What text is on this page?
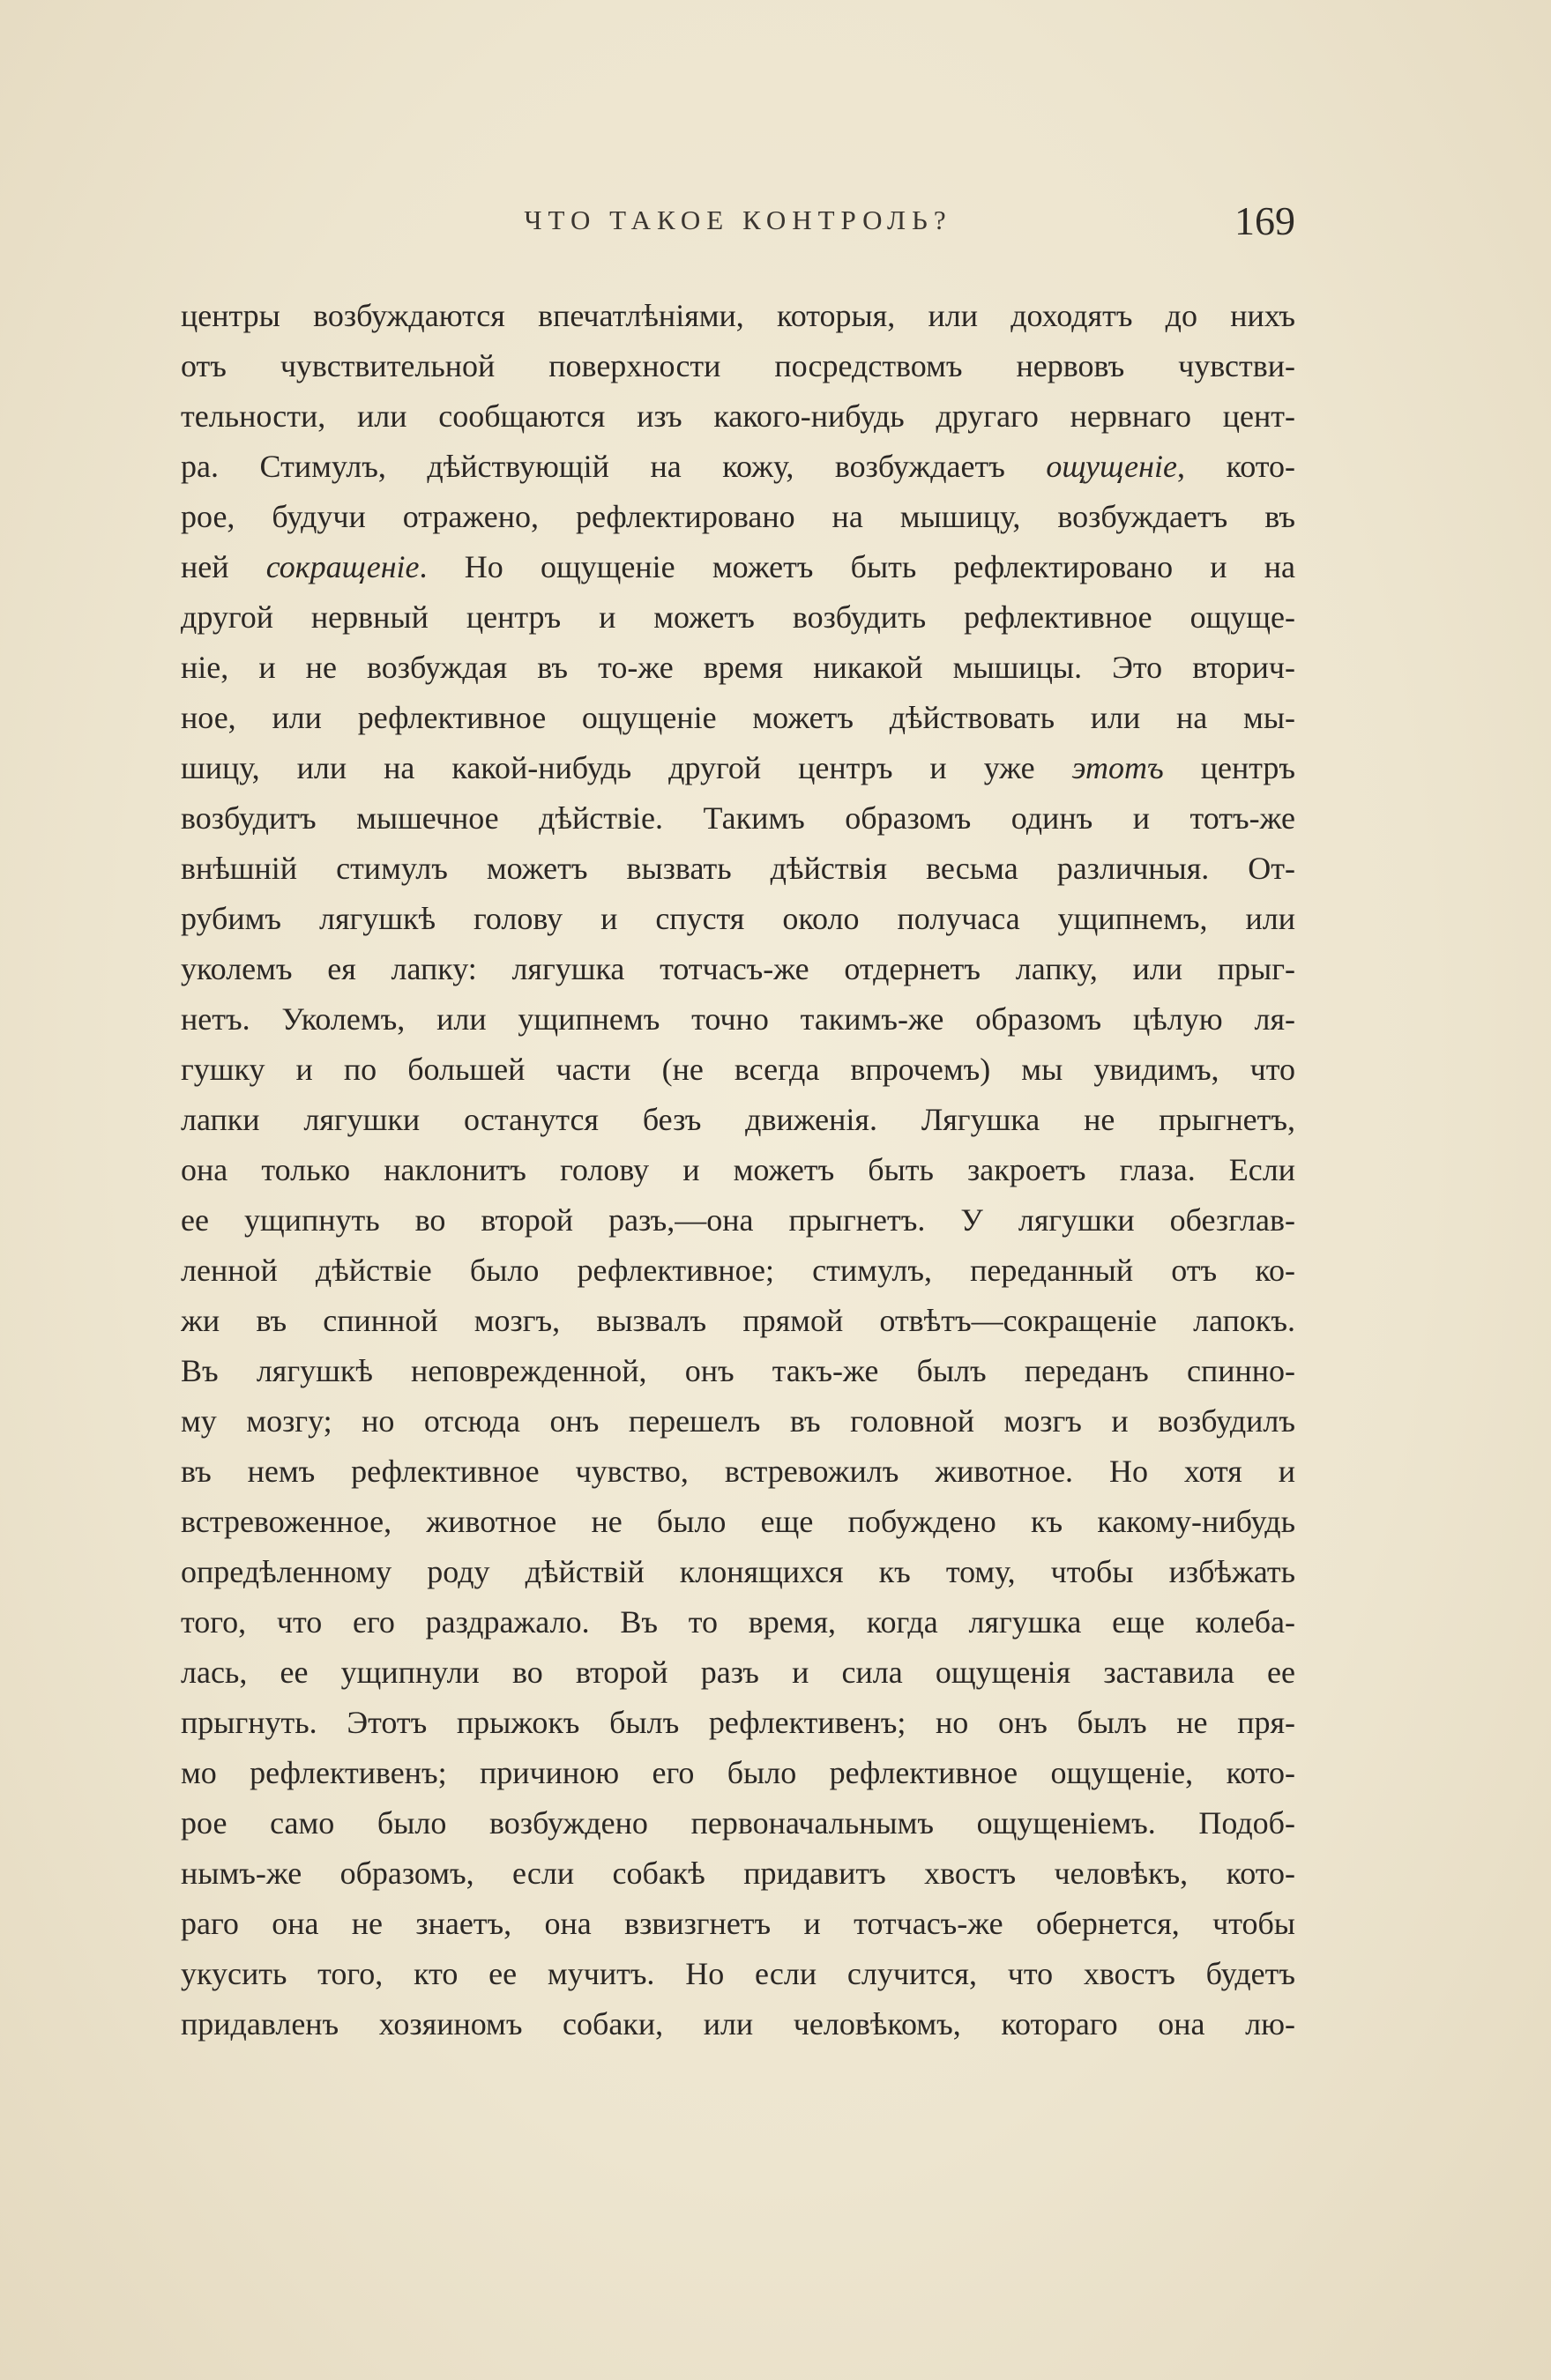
ЧТО ТАКОЕ КОНТРОЛЬ?	169
центры возбуждаются впечатлѣніями, которыя, или доходятъ до нихъ
отъ чувствительной поверхности посредствомъ нервовъ чувстви-
тельности, или сообщаются изъ какого-нибудь другаго нервнаго цент-
ра. Стимулъ, дѣйствующій на кожу, возбуждаетъ ощущеніе, кото-
рое, будучи отражено, рефлектировано на мышицу, возбуждаетъ въ
ней сокращеніе. Но ощущеніе можетъ быть рефлектировано и на
другой нервный центръ и можетъ возбудить рефлективное ощуще-
ніе, и не возбуждая въ то-же время никакой мышицы. Это вторич-
ное, или рефлективное ощущеніе можетъ дѣйствовать или на мы-
шицу, или на какой-нибудь другой центръ и уже этотъ центръ
возбудитъ мышечное дѣйствіе. Такимъ образомъ одинъ и тотъ-же
внѣшній стимулъ можетъ вызвать дѣйствія весьма различныя. От-
рубимъ лягушкѣ голову и спустя около получаса ущипнемъ, или
уколемъ ея лапку: лягушка тотчасъ-же отдернетъ лапку, или прыг-
нетъ. Уколемъ, или ущипнемъ точно такимъ-же образомъ цѣлую ля-
гушку и по большей части (не всегда впрочемъ) мы увидимъ, что
лапки лягушки останутся безъ движенія. Лягушка не прыгнетъ,
она только наклонитъ голову и можетъ быть закроетъ глаза. Если
ее ущипнуть во второй разъ,—она прыгнетъ. У лягушки обезглав-
ленной дѣйствіе было рефлективное; стимулъ, переданный отъ ко-
жи въ спинной мозгъ, вызвалъ прямой отвѣтъ—сокращеніе лапокъ.
Въ лягушкѣ неповрежденной, онъ такъ-же былъ переданъ спинно-
му мозгу; но отсюда онъ перешелъ въ головной мозгъ и возбудилъ
въ немъ рефлективное чувство, встревожилъ животное. Но хотя и
встревоженное, животное не было еще побуждено къ какому-нибудь
опредѣленному роду дѣйствій клонящихся къ тому, чтобы избѣжать
того, что его раздражало. Въ то время, когда лягушка еще колеба-
лась, ее ущипнули во второй разъ и сила ощущенія заставила ее
прыгнуть. Этотъ прыжокъ былъ рефлективенъ; но онъ былъ не пря-
мо рефлективенъ; причиною его было рефлективное ощущеніе, кото-
рое само было возбуждено первоначальнымъ ощущеніемъ. Подоб-
нымъ-же образомъ, если собакѣ придавитъ хвостъ человѣкъ, кото-
раго она не знаетъ, она взвизгнетъ и тотчасъ-же обернется, чтобы
укусить того, кто ее мучитъ. Но если случится, что хвостъ будетъ
придавленъ хозяиномъ собаки, или человѣкомъ, котораго она лю-
